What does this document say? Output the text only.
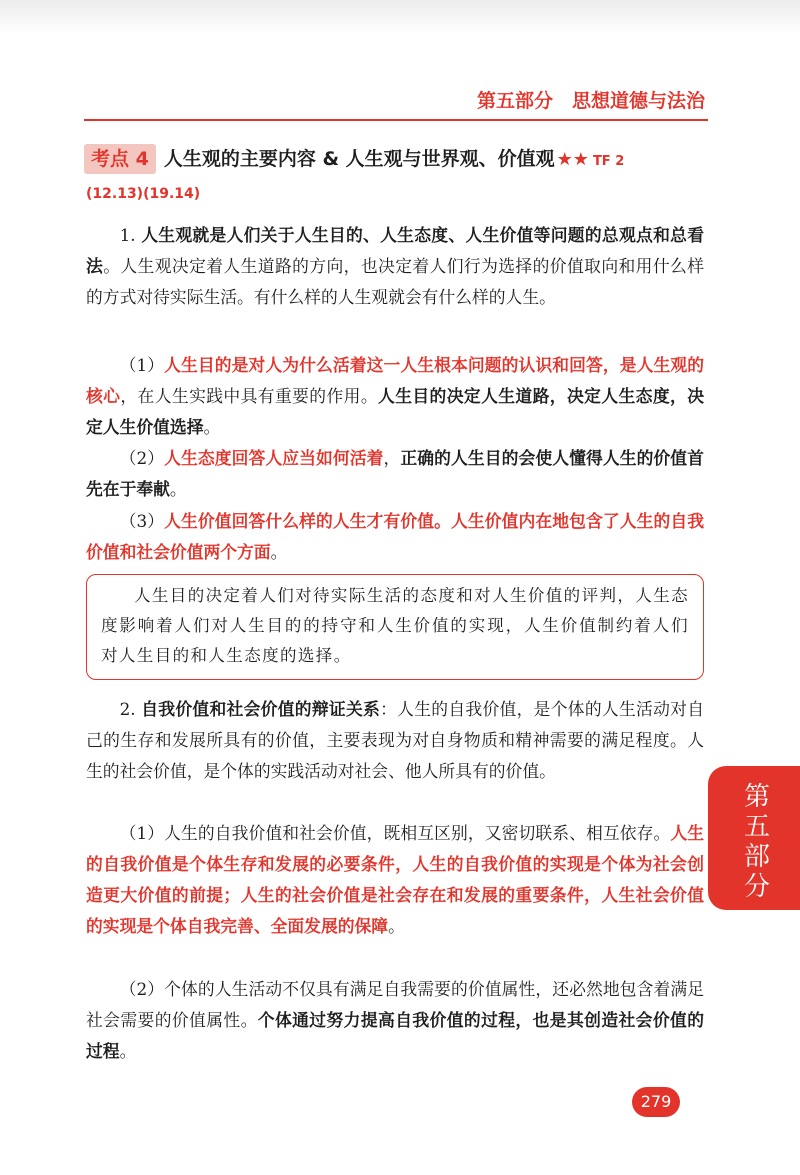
第五部分　 思想道德与法治
考点 4 人生观的主要内容 & 人生观与世界观、价值观 ★★ TF 2
(12.13)(19.14)

1. 人生观就是人们关于人生目的、人生态度、人生价值等问题的总观点和总看法。人生观决定着人生道路的方向，也决定着人们行为选择的价值取向和用什么样的方式对待实际生活。有什么样的人生观就会有什么样的人生。

（1）人生目的是对人为什么活着这一人生根本问题的认识和回答，是人生观的核心，在人生实践中具有重要的作用。人生目的决定人生道路，决定人生态度，决定人生价值选择。

（2）人生态度回答人应当如何活着，正确的人生目的会使人懂得人生的价值首先在于奉献。

（3）人生价值回答什么样的人生才有价值。人生价值内在地包含了人生的自我价值和社会价值两个方面。

人生目的决定着人们对待实际生活的态度和对人生价值的评判，人生态度影响着人们对人生目的的持守和人生价值的实现，人生价值制约着人们对人生目的和人生态度的选择。

2. 自我价值和社会价值的辩证关系：人生的自我价值，是个体的人生活动对自己的生存和发展所具有的价值，主要表现为对自身物质和精神需要的满足程度。人生的社会价值，是个体的实践活动对社会、他人所具有的价值。

（1）人生的自我价值和社会价值，既相互区别，又密切联系、相互依存。人生的自我价值是个体生存和发展的必要条件，人生的自我价值的实现是个体为社会创造更大价值的前提；人生的社会价值是社会存在和发展的重要条件，人生社会价值的实现是个体自我完善、全面发展的保障。

（2）个体的人生活动不仅具有满足自我需要的价值属性，还必然地包含着满足社会需要的价值属性。个体通过努力提高自我价值的过程，也是其创造社会价值的过程。

第
五
部
分
279
